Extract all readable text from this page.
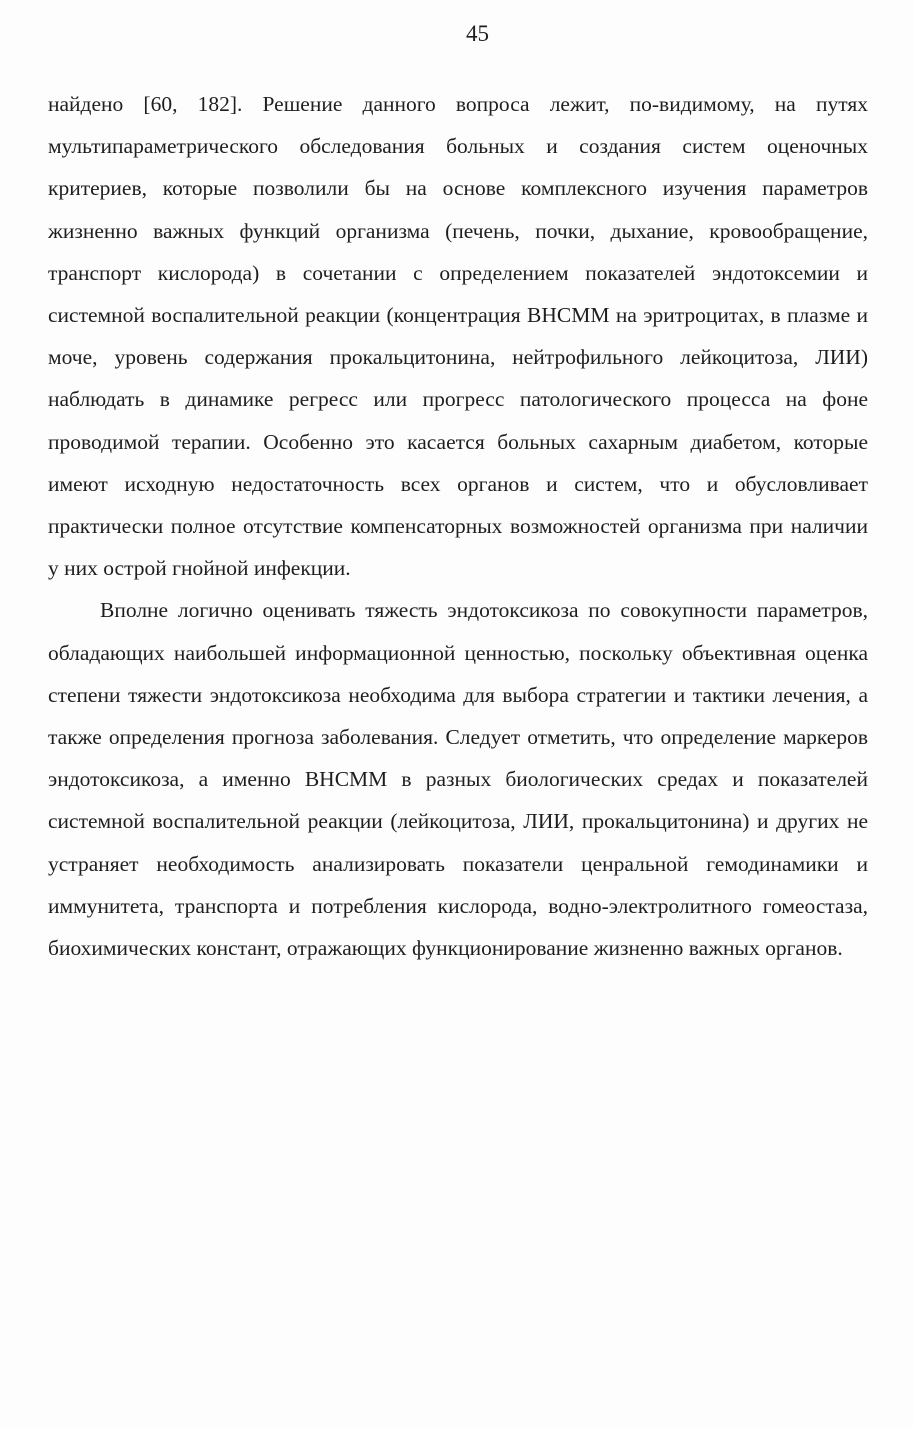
45

найдено [60, 182]. Решение данного вопроса лежит, по-видимому, на путях мультипараметрического обследования больных и создания систем оценочных критериев, которые позволили бы на основе комплексного изучения параметров жизненно важных функций организма (печень, почки, дыхание, кровообращение, транспорт кислорода) в сочетании с определением показателей эндотоксемии и системной воспалительной реакции (концентрация ВНСММ на эритроцитах, в плазме и моче, уровень содержания прокальцитонина, нейтрофильного лейкоцитоза, ЛИИ) наблюдать в динамике регресс или прогресс патологического процесса на фоне проводимой терапии. Особенно это касается больных сахарным диабетом, которые имеют исходную недостаточность всех органов и систем, что и обусловливает практически полное отсутствие компенсаторных возможностей организма при наличии у них острой гнойной инфекции.

Вполне логично оценивать тяжесть эндотоксикоза по совокупности параметров, обладающих наибольшей информационной ценностью, поскольку объективная оценка степени тяжести эндотоксикоза необходима для выбора стратегии и тактики лечения, а также определения прогноза заболевания. Следует отметить, что определение маркеров эндотоксикоза, а именно ВНСММ в разных биологических средах и показателей системной воспалительной реакции (лейкоцитоза, ЛИИ, прокальцитонина) и других не устраняет необходимость анализировать показатели ценральной гемодинамики и иммунитета, транспорта и потребления кислорода, водно-электролитного гомеостаза, биохимических констант, отражающих функционирование жизненно важных органов.
